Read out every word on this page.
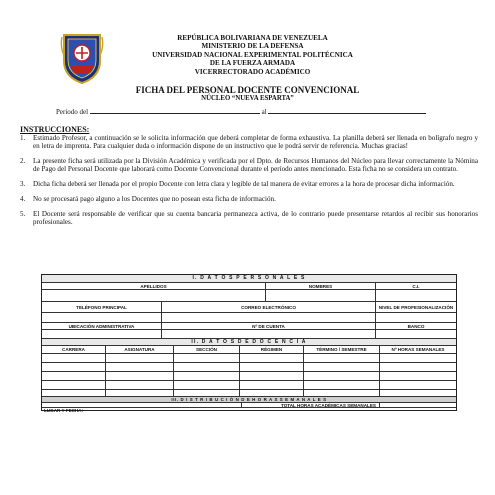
REPÚBLICA BOLIVARIANA DE VENEZUELA
MINISTERIO DE LA DEFENSA
UNIVERSIDAD NACIONAL EXPERIMENTAL POLITÉCNICA
DE LA FUERZA ARMADA
VICERRECTORADO ACADÉMICO
FICHA DEL PERSONAL DOCENTE CONVENCIONAL
NÚCLEO “NUEVA ESPARTA”
Periodo del	al
INSTRUCCIONES:
1.	Estimado Profesor, a continuación se le solicita información que deberá completar de forma exhaustiva. La planilla deberá ser llenada en bolígrafo negro y en letra de imprenta. Para cualquier duda o información dispone de un instructivo que le podrá servir de referencia. Muchas gracias!
2.	La presente ficha será utilizada por la División Académica y verificada por el Dpto. de Recursos Humanos del Núcleo para llevar correctamente la Nómina de Pago del Personal Docente que laborará como Docente Convencional durante el período antes mencionado. Esta ficha no se considera un contrato.
3.	Dicha ficha deberá ser llenada por el propio Docente con letra clara y legible de tal manera de evitar errores a la hora de procesar dicha información.
4.	No se procesará pago alguno a los Docentes que no posean esta ficha de información.
5.	El Docente será responsable de verificar que su cuenta bancaria permanezca activa, de lo contrario puede presentarse retardos al recibir sus honorarios profesionales.
I. D A T O S P E R S O N A L E S
APELLIDOS	NOMBRES	C.I.
TELÉFONO PRINCIPAL	CORREO ELECTRÓNICO	NIVEL DE PROFESIONALIZACIÓN
UBICACIÓN ADMINISTRATIVA	Nº DE CUENTA	BANCO
II. D A T O S D E D O C E N C I A
CARRERA	ASIGNATURA	SECCIÓN	RÉGIMEN	TÉRMINO / SEMESTRE	Nº HORAS SEMANALES
III. D I S T R I B U C I Ó N D E H O R A S S E M A N A L E S
TOTAL HORAS ACADÉMICAS SEMANALES
LUGAR Y FECHA:
